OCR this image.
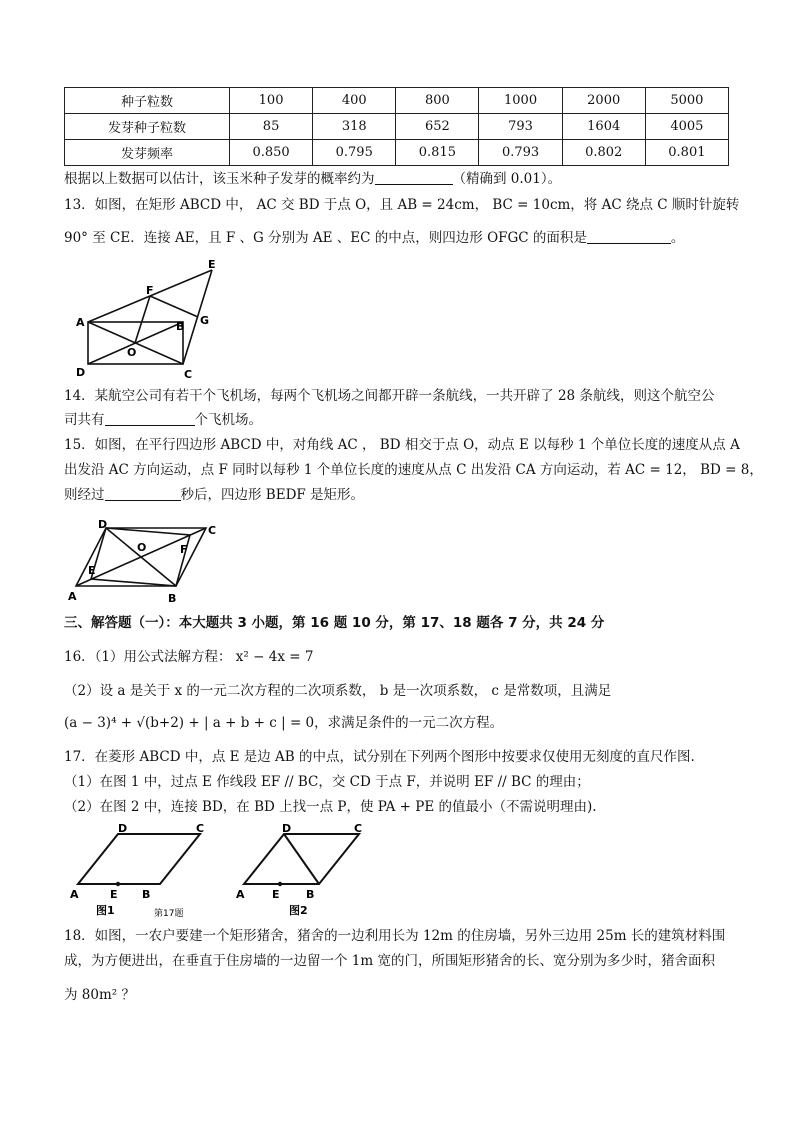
种子粒数	100	400	800	1000	2000	5000
发芽种子粒数	85	318	652	793	1604	4005
发芽频率	0.850	0.795	0.815	0.793	0.802	0.801
根据以上数据可以估计，该玉米种子发芽的概率约为	（精确到 0.01）。
13．如图，在矩形 ABCD 中， AC 交 BD 于点 O，且 AB = 24cm， BC = 10cm，将 AC 绕点 C 顺时针旋转
90° 至 CE．连接 AE，且 F 、G 分别为 AE 、EC 的中点，则四边形 OFGC 的面积是	。
A	B
C
D
E
F
G
O
14．某航空公司有若干个飞机场，每两个飞机场之间都开辟一条航线，一共开辟了 28 条航线，则这个航空公
司共有	个飞机场。
15．如图，在平行四边形 ABCD 中，对角线 AC ， BD 相交于点 O，动点 E 以每秒 1 个单位长度的速度从点 A
出发沿 AC 方向运动，点 F 同时以每秒 1 个单位长度的速度从点 C 出发沿 CA 方向运动，若 AC = 12， BD = 8，
则经过	秒后，四边形 BEDF 是矩形。
A	B
C
D
E
F
O
三、解答题（一）：本大题共 3 小题，第 16 题 10 分，第 17、18 题各 7 分，共 24 分
16．（1）用公式法解方程： x² − 4x = 7
（2）设 a 是关于 x 的一元二次方程的二次项系数， b 是一次项系数， c 是常数项，且满足
(a − 3)⁴ + √(b+2) + | a + b + c | = 0，求满足条件的一元二次方程。
17．在菱形 ABCD 中，点 E 是边 AB 的中点，试分别在下列两个图形中按要求仅使用无刻度的直尺作图.
（1）在图 1 中，过点 E 作线段 EF // BC，交 CD 于点 F，并说明 EF // BC 的理由；
（2）在图 2 中，连接 BD，在 BD 上找一点 P，使 PA + PE 的值最小（不需说明理由).
A	B
C
D
E	A	B
C
D
E
图1	第17题	图2
18．如图，一农户要建一个矩形猪舍，猪舍的一边利用长为 12m 的住房墙，另外三边用 25m 长的建筑材料围
成，为方便进出，在垂直于住房墙的一边留一个 1m 宽的门，所围矩形猪舍的长、宽分别为多少时，猪舍面积
为 80m² ？
